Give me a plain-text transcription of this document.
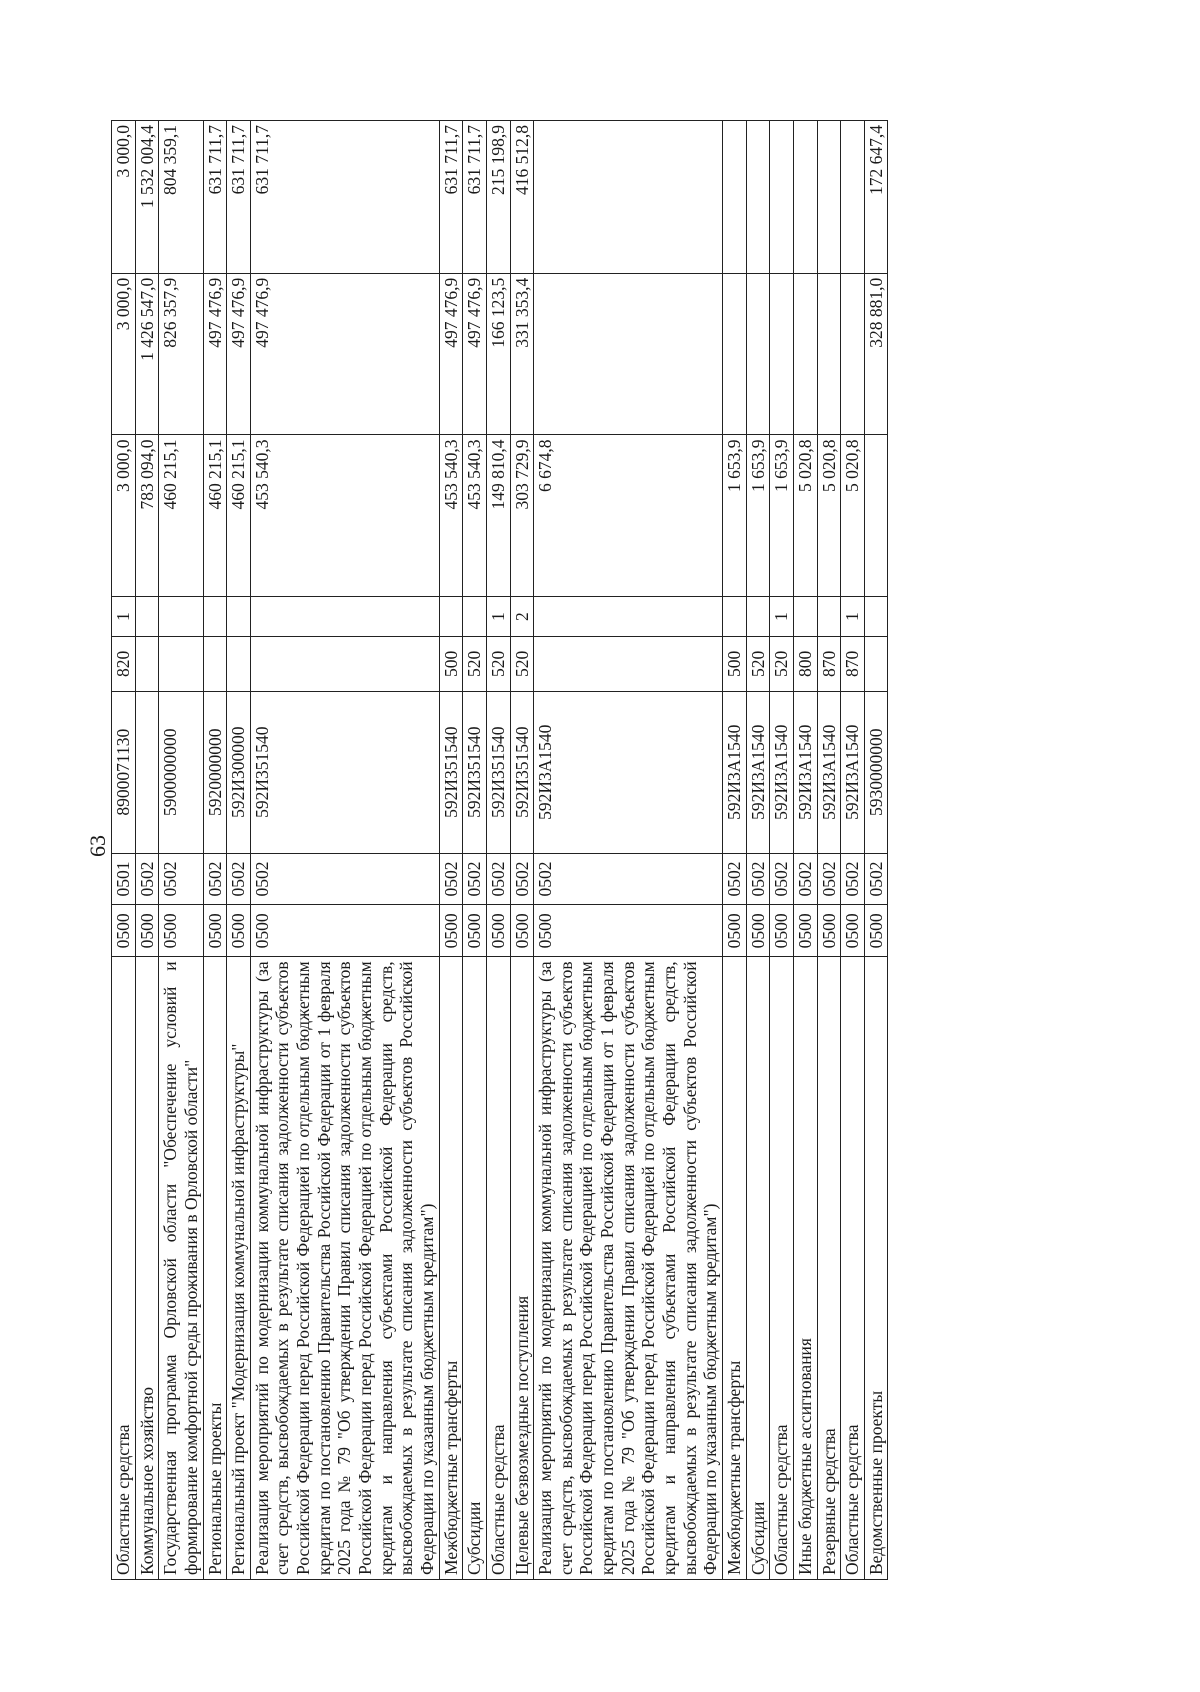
63
Областные средства	0500	0501	8900071130	820	1	3 000,0	3 000,0	3 000,0
Коммунальное хозяйство	0500	0502				783 094,0	1 426 547,0	1 532 004,4
Государственная программа Орловской области "Обеспечение условий и формирование комфортной среды проживания в Орловской области"	0500	0502	5900000000			460 215,1	826 357,9	804 359,1
Региональные проекты	0500	0502	5920000000			460 215,1	497 476,9	631 711,7
Региональный проект "Модернизация коммунальной инфраструктуры"	0500	0502	592И300000			460 215,1	497 476,9	631 711,7
Реализация мероприятий по модернизации коммунальной инфраструктуры (за счет средств, высвобождаемых в результате списания задолженности субъектов Российской Федерации перед Российской Федерацией по отдельным бюджетным кредитам по постановлению Правительства Российской Федерации от 1 февраля 2025 года № 79 "Об утверждении Правил списания задолженности субъектов Российской Федерации перед Российской Федерацией по отдельным бюджетным кредитам и направления субъектами Российской Федерации средств, высвобождаемых в результате списания задолженности субъектов Российской Федерации по указанным бюджетным кредитам")	0500	0502	592И351540			453 540,3	497 476,9	631 711,7
Межбюджетные трансферты	0500	0502	592И351540	500		453 540,3	497 476,9	631 711,7
Субсидии	0500	0502	592И351540	520		453 540,3	497 476,9	631 711,7
Областные средства	0500	0502	592И351540	520	1	149 810,4	166 123,5	215 198,9
Целевые безвозмездные поступления	0500	0502	592И351540	520	2	303 729,9	331 353,4	416 512,8
Реализация мероприятий по модернизации коммунальной инфраструктуры (за счет средств, высвобождаемых в результате списания задолженности субъектов Российской Федерации перед Российской Федерацией по отдельным бюджетным кредитам по постановлению Правительства Российской Федерации от 1 февраля 2025 года № 79 "Об утверждении Правил списания задолженности субъектов Российской Федерации перед Российской Федерацией по отдельным бюджетным кредитам и направления субъектами Российской Федерации средств, высвобождаемых в результате списания задолженности субъектов Российской Федерации по указанным бюджетным кредитам")	0500	0502	592И3А1540			6 674,8		
Межбюджетные трансферты	0500	0502	592И3А1540	500		1 653,9		
Субсидии	0500	0502	592И3А1540	520		1 653,9		
Областные средства	0500	0502	592И3А1540	520	1	1 653,9		
Иные бюджетные ассигнования	0500	0502	592И3А1540	800		5 020,8		
Резервные средства	0500	0502	592И3А1540	870		5 020,8		
Областные средства	0500	0502	592И3А1540	870	1	5 020,8		
Ведомственные проекты	0500	0502	5930000000				328 881,0	172 647,4
